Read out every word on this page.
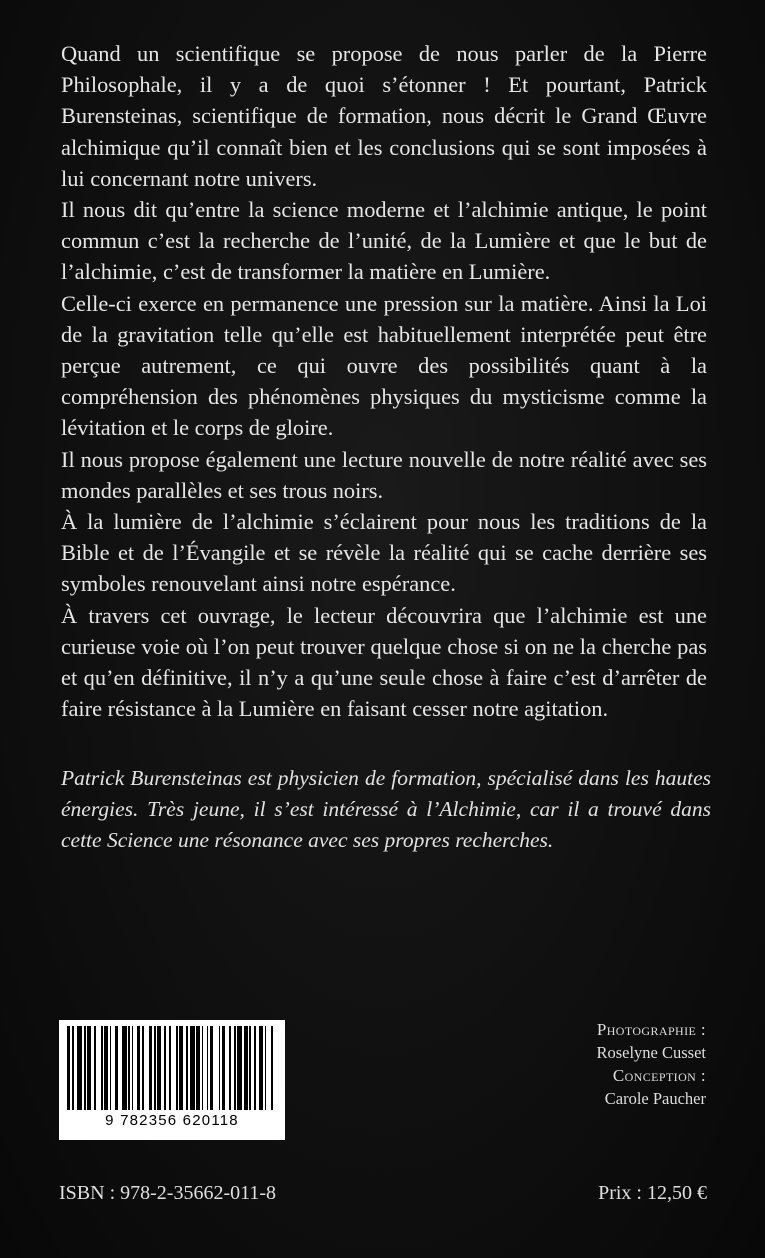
Quand un scientifique se propose de nous parler de la Pierre Philosophale, il y a de quoi s’étonner ! Et pourtant, Patrick Burensteinas, scientifique de formation, nous décrit le Grand Œuvre alchimique qu’il connaît bien et les conclusions qui se sont imposées à lui concernant notre univers.

Il nous dit qu’entre la science moderne et l’alchimie antique, le point commun c’est la recherche de l’unité, de la Lumière et que le but de l’alchimie, c’est de transformer la matière en Lumière.

Celle-ci exerce en permanence une pression sur la matière. Ainsi la Loi de la gravitation telle qu’elle est habituellement interprétée peut être perçue autrement, ce qui ouvre des possibilités quant à la compréhension des phénomènes physiques du mysticisme comme la lévitation et le corps de gloire.

Il nous propose également une lecture nouvelle de notre réalité avec ses mondes parallèles et ses trous noirs.

À la lumière de l’alchimie s’éclairent pour nous les traditions de la Bible et de l’Évangile et se révèle la réalité qui se cache derrière ses symboles renouvelant ainsi notre espérance.

À travers cet ouvrage, le lecteur découvrira que l’alchimie est une curieuse voie où l’on peut trouver quelque chose si on ne la cherche pas et qu’en définitive, il n’y a qu’une seule chose à faire c’est d’arrêter de faire résistance à la Lumière en faisant cesser notre agitation.

Patrick Burensteinas est physicien de formation, spécialisé dans les hautes énergies. Très jeune, il s’est intéressé à l’Alchimie, car il a trouvé dans cette Science une résonance avec ses propres recherches.
9 782356 620118
Photographie :
Roselyne Cusset
Conception :
Carole Paucher
ISBN : 978-2-35662-011-8	Prix : 12,50 €
